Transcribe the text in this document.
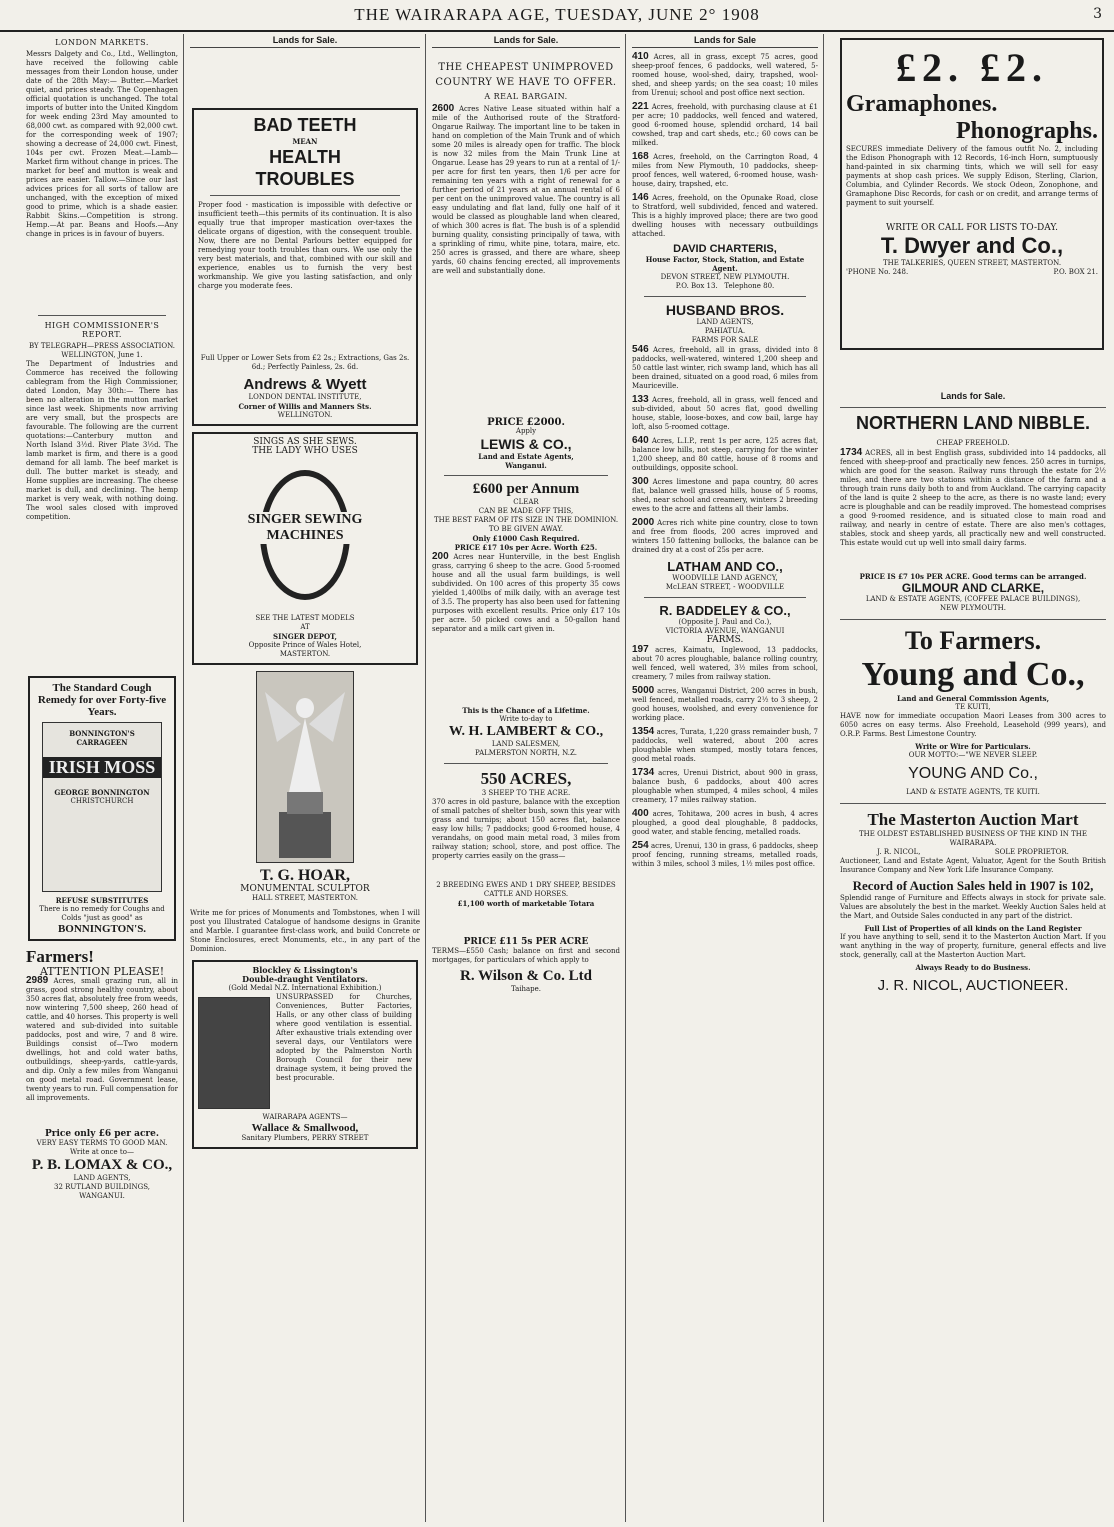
THE WAIRARAPA AGE, TUESDAY, JUNE 2° 1908	3
LONDON MARKETS.
Messrs Dalgety and Co., Ltd., Wellington, have received the following cable messages from their London house, under date of the 28th May:— Butter.—Market quiet, and prices steady. The Copenhagen official quotation is unchanged. The total imports of butter into the United Kingdom for week ending 23rd May amounted to 68,000 cwt. as compared with 92,000 cwt. for the corresponding week of 1907; showing a decrease of 24,000 cwt. Finest, 104s per cwt. Frozen Meat.—Lamb—Market firm without change in prices. The market for beef and mutton is weak and prices are easier. Tallow.—Since our last advices prices for all sorts of tallow are unchanged, with the exception of mixed good to prime, which is a shade easier. Rabbit Skins.—Competition is strong. Hemp.—At par. Beans and Hoofs.—Any change in prices is in favour of buyers.
HIGH COMMISSIONER'S REPORT.
BY TELEGRAPH—PRESS ASSOCIATION.
WELLINGTON, June 1.
The Department of Industries and Commerce has received the following cablegram from the High Commissioner, dated London, May 30th:— There has been no alteration in the mutton market since last week. Shipments now arriving are very small, but the prospects are favourable. The following are the current quotations:—Canterbury mutton and North Island 3½d. River Plate 3½d. The lamb market is firm, and there is a good demand for all lamb. The beef market is dull. The butter market is steady, and Home supplies are increasing. The cheese market is dull, and declining. The hemp market is very weak, with nothing doing. The wool sales closed with improved competition.
The Standard Cough Remedy for over Forty-five Years.
BONNINGTON'S CARRAGEEN
IRISH MOSS
GEORGE BONNINGTON
CHRISTCHURCH
REFUSE SUBSTITUTES
There is no remedy for Coughs and Colds "just as good" as
BONNINGTON'S.
Farmers!
ATTENTION PLEASE!
2989 Acres, small grazing run, all in grass, good strong healthy country, about 350 acres flat, absolutely free from weeds, now wintering 7,500 sheep, 260 head of cattle, and 40 horses. This property is well watered and sub-divided into suitable paddocks, post and wire, 7 and 8 wire. Buildings consist of—Two modern dwellings, hot and cold water baths, outbuildings, sheep-yards, cattle-yards, and dip. Only a few miles from Wanganui on good metal road. Government lease, twenty years to run. Full compensation for all improvements.
Price only £6 per acre.
VERY EASY TERMS TO GOOD MAN.
Write at once to—
P. B. LOMAX & CO.,
LAND AGENTS,
32 RUTLAND BUILDINGS,
WANGANUI.
Lands for Sale.
BAD TEETH
MEAN
HEALTH
TROUBLES
Proper food - mastication is impossible with defective or insufficient teeth—this permits of its continuation. It is also equally true that improper mastication over-taxes the delicate organs of digestion, with the consequent trouble. Now, there are no Dental Parlours better equipped for remedying your tooth troubles than ours. We use only the very best materials, and that, combined with our skill and experience, enables us to furnish the very best workmanship. We give you lasting satisfaction, and only charge you moderate fees.
Full Upper or Lower Sets from £2 2s.; Extractions, Gas 2s. 6d.; Perfectly Painless, 2s. 6d.
Andrews & Wyett
LONDON DENTAL INSTITUTE,
Corner of Willis and Manners Sts.
WELLINGTON.
SINGS AS SHE SEWS.
THE LADY WHO USES
SINGER SEWING MACHINES
SEE THE LATEST MODELS
AT
SINGER DEPOT,
Opposite Prince of Wales Hotel,
MASTERTON.
T. G. HOAR,
MONUMENTAL SCULPTOR
HALL STREET, MASTERTON.
Write me for prices of Monuments and Tombstones, when I will post you Illustrated Catalogue of handsome designs in Granite and Marble. I guarantee first-class work, and build Concrete or Stone Enclosures, erect Monuments, etc., in any part of the Dominion.
Blockley & Lissington's
Double-draught Ventilators.
(Gold Medal N.Z. International Exhibition.)
UNSURPASSED for Churches, Conveniences, Butter Factories, Halls, or any other class of building where good ventilation is essential. After exhaustive trials extending over several days, our Ventilators were adopted by the Palmerston North Borough Council for their new drainage system, it being proved the best procurable.
WAIRARAPA AGENTS—
Wallace & Smallwood,
Sanitary Plumbers, PERRY STREET
Lands for Sale.
THE CHEAPEST UNIMPROVED
COUNTRY WE HAVE TO OFFER.
A REAL BARGAIN.
2600 Acres Native Lease situated within half a mile of the Authorised route of the Stratford-Ongarue Railway. The important line to be taken in hand on completion of the Main Trunk and of which some 20 miles is already open for traffic. The block is now 32 miles from the Main Trunk Line at Ongarue. Lease has 29 years to run at a rental of 1/- per acre for first ten years, then 1/6 per acre for remaining ten years with a right of renewal for a further period of 21 years at an annual rental of 6 per cent on the unimproved value. The country is all easy undulating and flat land, fully one half of it would be classed as ploughable land when cleared, of which 300 acres is flat. The bush is of a splendid burning quality, consisting principally of tawa, with a sprinkling of rimu, white pine, totara, maire, etc. 250 acres is grassed, and there are whare, sheep yards, 60 chains fencing erected, all improvements are well and substantially done.
PRICE £2000.
Apply
LEWIS & CO.,
Land and Estate Agents,
Wanganui.
£600 per Annum
CLEAR
CAN BE MADE OFF THIS,
THE BEST FARM OF ITS SIZE IN THE DOMINION.
TO BE GIVEN AWAY.
Only £1000 Cash Required.
PRICE £17 10s per Acre. Worth £25.
200 Acres near Hunterville, in the best English grass, carrying 6 sheep to the acre. Good 5-roomed house and all the usual farm buildings, is well subdivided. On 100 acres of this property 35 cows yielded 1,400lbs of milk daily, with an average test of 3.5. The property has also been used for fattening purposes with excellent results. Price only £17 10s per acre. 50 picked cows and a 50-gallon hand separator and a milk cart given in.
This is the Chance of a Lifetime.
Write to-day to
W. H. LAMBERT & CO.,
LAND SALESMEN,
PALMERSTON NORTH, N.Z.
550 ACRES,
3 SHEEP TO THE ACRE.
370 acres in old pasture, balance with the exception of small patches of shelter bush, sown this year with grass and turnips; about 150 acres flat, balance easy low hills; 7 paddocks; good 6-roomed house, 4 verandahs, on good main metal road, 3 miles from railway station; school, store, and post office. The property carries easily on the grass—
2 BREEDING EWES AND 1 DRY SHEEP, BESIDES CATTLE AND HORSES.
£1,100 worth of marketable Totara
PRICE £11 5s PER ACRE
TERMS—£550 Cash; balance on first and second mortgages, for particulars of which apply to
R. Wilson & Co. Ltd
Taihape.
Lands for Sale
410 Acres, all in grass, except 75 acres, good sheep-proof fences, 6 paddocks, well watered, 5-roomed house, wool-shed, dairy, trapshed, wool-shed, and sheep yards; on the sea coast; 10 miles from Urenui; school and post office next section.
221 Acres, freehold, with purchasing clause at £1 per acre; 10 paddocks, well fenced and watered, good 6-roomed house, splendid orchard, 14 bail cowshed, trap and cart sheds, etc.; 60 cows can be milked.
168 Acres, freehold, on the Carrington Road, 4 miles from New Plymouth, 10 paddocks, sheep-proof fences, well watered, 6-roomed house, wash-house, dairy, trapshed, etc.
146 Acres, freehold, on the Opunake Road, close to Stratford, well subdivided, fenced and watered. This is a highly improved place; there are two good dwelling houses with necessary outbuildings attached.
DAVID CHARTERIS,
House Factor, Stock, Station, and Estate Agent.
DEVON STREET, NEW PLYMOUTH.
P.O. Box 13. Telephone 80.
HUSBAND BROS.
LAND AGENTS,
PAHIATUA.
FARMS FOR SALE
546 Acres, freehold, all in grass, divided into 8 paddocks, well-watered, wintered 1,200 sheep and 50 cattle last winter, rich swamp land, which has all been drained, situated on a good road, 6 miles from Mauriceville.
133 Acres, freehold, all in grass, well fenced and sub-divided, about 50 acres flat, good dwelling house, stable, loose-boxes, and cow bail, large hay loft, also 5-roomed cottage.
640 Acres, L.I.P., rent 1s per acre, 125 acres flat, balance low hills, not steep, carrying for the winter 1,200 sheep, and 80 cattle, house of 8 rooms and outbuildings, opposite school.
300 Acres limestone and papa country, 80 acres flat, balance well grassed hills, house of 5 rooms, shed, near school and creamery, winters 2 breeding ewes to the acre and fattens all their lambs.
2000 Acres rich white pine country, close to town and free from floods, 200 acres improved and winters 150 fattening bullocks, the balance can be drained dry at a cost of 25s per acre.
LATHAM AND CO.,
WOODVILLE LAND AGENCY,
McLEAN STREET, - WOODVILLE
R. BADDELEY & CO.,
(Opposite J. Paul and Co.),
VICTORIA AVENUE, WANGANUI
FARMS.
197 acres, Kaimatu, Inglewood, 13 paddocks, about 70 acres ploughable, balance rolling country, well fenced, well watered, 3½ miles from school, creamery, 7 miles from railway station.
5000 acres, Wanganui District, 200 acres in bush, well fenced, metalled roads, carry 2½ to 3 sheep, 2 good houses, woolshed, and every convenience for working place.
1354 acres, Turata, 1,220 grass remainder bush, 7 paddocks, well watered, about 200 acres ploughable when stumped, mostly totara fences, good metal roads.
1734 acres, Urenui District, about 900 in grass, balance bush, 6 paddocks, about 400 acres ploughable when stumped, 4 miles school, 4 miles creamery, 17 miles railway station.
400 acres, Tohitawa, 200 acres in bush, 4 acres ploughed, a good deal ploughable, 8 paddocks, good water, and stable fencing, metalled roads.
254 acres, Urenui, 130 in grass, 6 paddocks, sheep proof fencing, running streams, metalled roads, within 3 miles, school 3 miles, 1½ miles post office.
£2. £2.
Gramaphones.
Phonographs.
SECURES immediate Delivery of the famous outfit No. 2, including the Edison Phonograph with 12 Records, 16-inch Horn, sumptuously hand-painted in six charming tints, which we will sell for easy payments at shop cash prices. We supply Edison, Sterling, Clarion, Columbia, and Cylinder Records. We stock Odeon, Zonophone, and Gramaphone Disc Records, for cash or on credit, and arrange terms of payment to suit yourself.
WRITE OR CALL FOR LISTS TO-DAY.
T. Dwyer and Co.,
THE TALKERIES, QUEEN STREET, MASTERTON.
'PHONE No. 248.	P.O. BOX 21.
Lands for Sale.
NORTHERN LAND NIBBLE.
CHEAP FREEHOLD.
1734 ACRES, all in best English grass, subdivided into 14 paddocks, all fenced with sheep-proof and practically new fences. 250 acres in turnips, which are good for the season. Railway runs through the estate for 2½ miles, and there are two stations within a distance of the farm and a through train runs daily both to and from Auckland. The carrying capacity of the land is quite 2 sheep to the acre, as there is no waste land; every acre is ploughable and can be readily improved. The homestead comprises a good 9-roomed residence, and is situated close to main road and railway, and nearly in centre of estate. There are also men's cottages, stables, stock and sheep yards, all practically new and well constructed. This estate would cut up well into small dairy farms.
PRICE IS £7 10s PER ACRE. Good terms can be arranged.
GILMOUR AND CLARKE,
LAND & ESTATE AGENTS, (COFFEE PALACE BUILDINGS),
NEW PLYMOUTH.
To Farmers.
Young and Co.,
Land and General Commission Agents,
TE KUITI,
HAVE now for immediate occupation Maori Leases from 300 acres to 6050 acres on easy terms. Also Freehold, Leasehold (999 years), and O.R.P. Farms. Best Limestone Country.
Write or Wire for Particulars.
OUR MOTTO:—"WE NEVER SLEEP.
YOUNG AND Co.,
LAND & ESTATE AGENTS, TE KUITI.
The Masterton Auction Mart
THE OLDEST ESTABLISHED BUSINESS OF THE KIND IN THE WAIRARAPA.
J. R. NICOL,	SOLE PROPRIETOR.
Auctioneer, Land and Estate Agent, Valuator, Agent for the South British Insurance Company and New York Life Insurance Company.
Record of Auction Sales held in 1907 is 102,
Splendid range of Furniture and Effects always in stock for private sale. Values are absolutely the best in the market. Weekly Auction Sales held at the Mart, and Outside Sales conducted in any part of the district.
Full List of Properties of all kinds on the Land Register
If you have anything to sell, send it to the Masterton Auction Mart. If you want anything in the way of property, furniture, general effects and live stock, generally, call at the Masterton Auction Mart.
Always Ready to do Business.
J. R. NICOL, AUCTIONEER.
